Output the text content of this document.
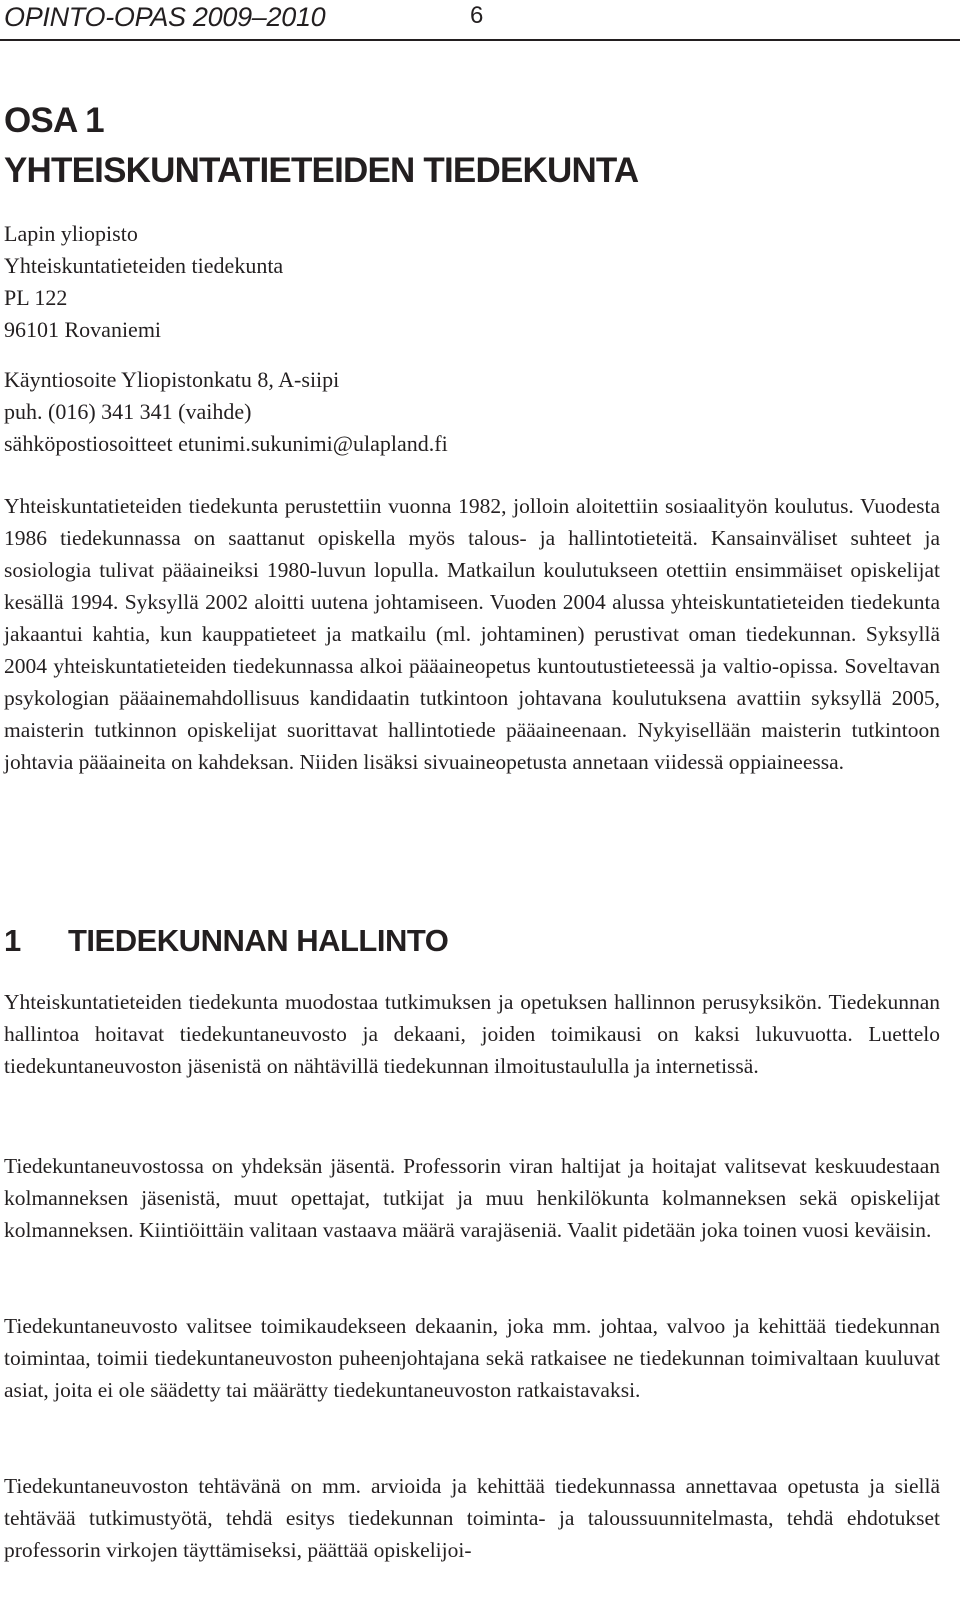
OPINTO-OPAS 2009–2010	6
OSA 1
YHTEISKUNTATIETEIDEN TIEDEKUNTA
Lapin yliopisto
Yhteiskuntatieteiden tiedekunta
PL 122
96101 Rovaniemi
Käyntiosoite Yliopistonkatu 8, A-siipi
puh. (016) 341 341 (vaihde)
sähköpostiosoitteet etunimi.sukunimi@ulapland.fi

Yhteiskuntatieteiden tiedekunta perustettiin vuonna 1982, jolloin aloitettiin sosiaalityön koulutus. Vuodesta 1986 tiedekunnassa on saattanut opiskella myös talous- ja hallintotieteitä. Kansainväliset suhteet ja sosiologia tulivat pääaineiksi 1980-luvun lopulla. Matkailun koulutukseen otettiin ensimmäiset opiskelijat kesällä 1994. Syksyllä 2002 aloitti uutena johtamiseen. Vuoden 2004 alussa yhteiskuntatieteiden tiedekunta jakaantui kahtia, kun kauppatieteet ja matkailu (ml. johtaminen) perustivat oman tiedekunnan. Syksyllä 2004 yhteiskuntatieteiden tiedekunnassa alkoi pääaineopetus kuntoutustieteessä ja valtio-opissa. Soveltavan psykologian pääainemahdollisuus kandidaatin tutkintoon johtavana koulutuksena avattiin syksyllä 2005, maisterin tutkinnon opiskelijat suorittavat hallintotiede pääaineenaan. Nykyisellään maisterin tutkintoon johtavia pääaineita on kahdeksan. Niiden lisäksi sivuaineopetusta annetaan viidessä oppiaineessa.

1 TIEDEKUNNAN HALLINTO

Yhteiskuntatieteiden tiedekunta muodostaa tutkimuksen ja opetuksen hallinnon perusyksikön. Tiedekunnan hallintoa hoitavat tiedekuntaneuvosto ja dekaani, joiden toimikausi on kaksi lukuvuotta. Luettelo tiedekuntaneuvoston jäsenistä on nähtävillä tiedekunnan ilmoitustaululla ja internetissä.

Tiedekuntaneuvostossa on yhdeksän jäsentä. Professorin viran haltijat ja hoitajat valitsevat keskuudestaan kolmanneksen jäsenistä, muut opettajat, tutkijat ja muu henkilökunta kolmanneksen sekä opiskelijat kolmanneksen. Kiintiöittäin valitaan vastaava määrä varajäseniä. Vaalit pidetään joka toinen vuosi keväisin.

Tiedekuntaneuvosto valitsee toimikaudekseen dekaanin, joka mm. johtaa, valvoo ja kehittää tiedekunnan toimintaa, toimii tiedekuntaneuvoston puheenjohtajana sekä ratkaisee ne tiedekunnan toimivaltaan kuuluvat asiat, joita ei ole säädetty tai määrätty tiedekuntaneuvoston ratkaistavaksi.

Tiedekuntaneuvoston tehtävänä on mm. arvioida ja kehittää tiedekunnassa annettavaa opetusta ja siellä tehtävää tutkimustyötä, tehdä esitys tiedekunnan toiminta- ja taloussuunnitelmasta, tehdä ehdotukset professorin virkojen täyttämiseksi, päättää opiskelijoi-
